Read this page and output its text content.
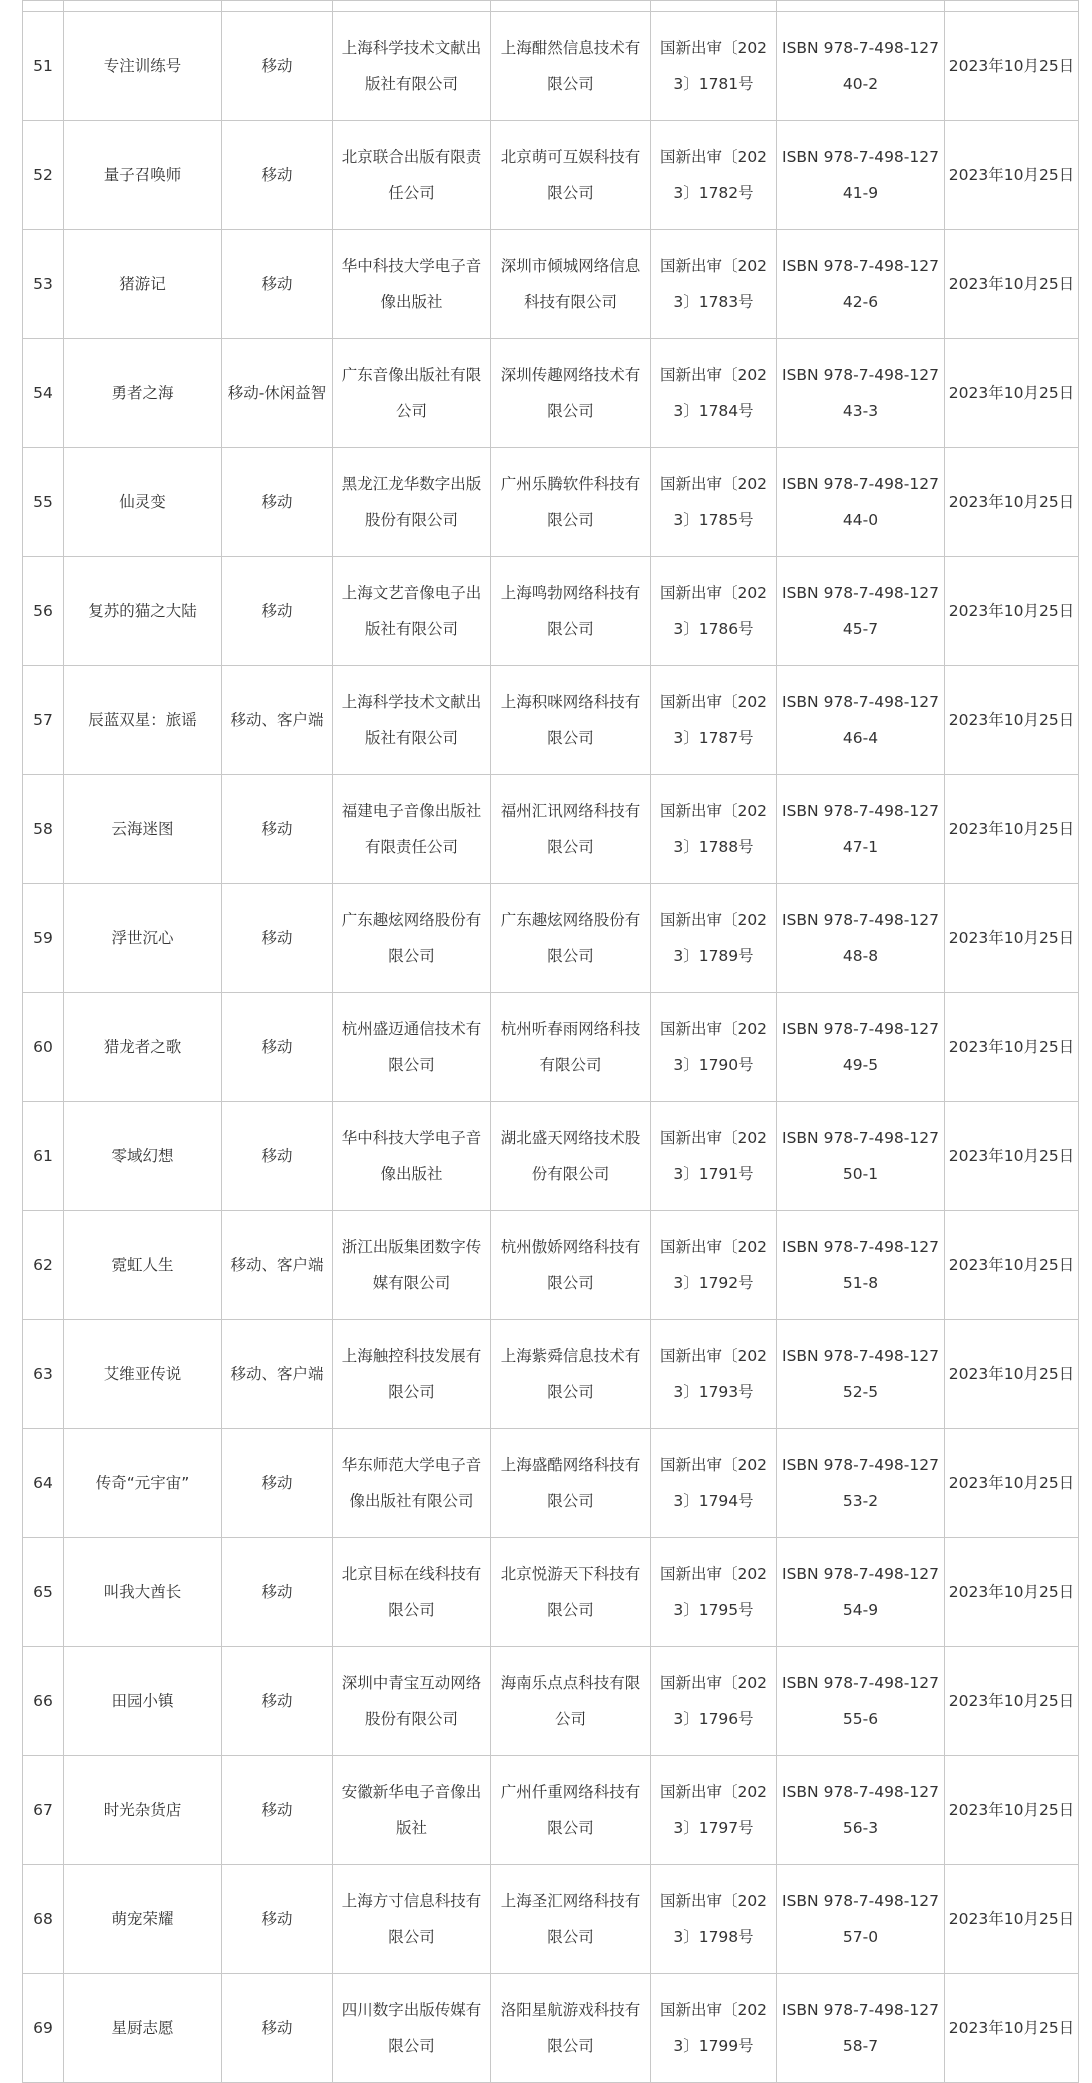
51	专注训练号	移动	上海科学技术文献出版社有限公司	上海酣然信息技术有限公司	国新出审〔2023〕1781号	ISBN 978-7-498-12740-2	2023年10月25日
52	量子召唤师	移动	北京联合出版有限责任公司	北京萌可互娱科技有限公司	国新出审〔2023〕1782号	ISBN 978-7-498-12741-9	2023年10月25日
53	猪游记	移动	华中科技大学电子音像出版社	深圳市倾城网络信息科技有限公司	国新出审〔2023〕1783号	ISBN 978-7-498-12742-6	2023年10月25日
54	勇者之海	移动-休闲益智	广东音像出版社有限公司	深圳传趣网络技术有限公司	国新出审〔2023〕1784号	ISBN 978-7-498-12743-3	2023年10月25日
55	仙灵变	移动	黑龙江龙华数字出版股份有限公司	广州乐腾软件科技有限公司	国新出审〔2023〕1785号	ISBN 978-7-498-12744-0	2023年10月25日
56	复苏的猫之大陆	移动	上海文艺音像电子出版社有限公司	上海鸣勃网络科技有限公司	国新出审〔2023〕1786号	ISBN 978-7-498-12745-7	2023年10月25日
57	辰蓝双星：旅谣	移动、客户端	上海科学技术文献出版社有限公司	上海积咪网络科技有限公司	国新出审〔2023〕1787号	ISBN 978-7-498-12746-4	2023年10月25日
58	云海迷图	移动	福建电子音像出版社有限责任公司	福州汇讯网络科技有限公司	国新出审〔2023〕1788号	ISBN 978-7-498-12747-1	2023年10月25日
59	浮世沉心	移动	广东趣炫网络股份有限公司	广东趣炫网络股份有限公司	国新出审〔2023〕1789号	ISBN 978-7-498-12748-8	2023年10月25日
60	猎龙者之歌	移动	杭州盛迈通信技术有限公司	杭州听春雨网络科技有限公司	国新出审〔2023〕1790号	ISBN 978-7-498-12749-5	2023年10月25日
61	零域幻想	移动	华中科技大学电子音像出版社	湖北盛天网络技术股份有限公司	国新出审〔2023〕1791号	ISBN 978-7-498-12750-1	2023年10月25日
62	霓虹人生	移动、客户端	浙江出版集团数字传媒有限公司	杭州傲娇网络科技有限公司	国新出审〔2023〕1792号	ISBN 978-7-498-12751-8	2023年10月25日
63	艾维亚传说	移动、客户端	上海触控科技发展有限公司	上海紫舜信息技术有限公司	国新出审〔2023〕1793号	ISBN 978-7-498-12752-5	2023年10月25日
64	传奇“元宇宙”	移动	华东师范大学电子音像出版社有限公司	上海盛酷网络科技有限公司	国新出审〔2023〕1794号	ISBN 978-7-498-12753-2	2023年10月25日
65	叫我大酋长	移动	北京目标在线科技有限公司	北京悦游天下科技有限公司	国新出审〔2023〕1795号	ISBN 978-7-498-12754-9	2023年10月25日
66	田园小镇	移动	深圳中青宝互动网络股份有限公司	海南乐点点科技有限公司	国新出审〔2023〕1796号	ISBN 978-7-498-12755-6	2023年10月25日
67	时光杂货店	移动	安徽新华电子音像出版社	广州仟重网络科技有限公司	国新出审〔2023〕1797号	ISBN 978-7-498-12756-3	2023年10月25日
68	萌宠荣耀	移动	上海方寸信息科技有限公司	上海圣汇网络科技有限公司	国新出审〔2023〕1798号	ISBN 978-7-498-12757-0	2023年10月25日
69	星厨志愿	移动	四川数字出版传媒有限公司	洛阳星航游戏科技有限公司	国新出审〔2023〕1799号	ISBN 978-7-498-12758-7	2023年10月25日
